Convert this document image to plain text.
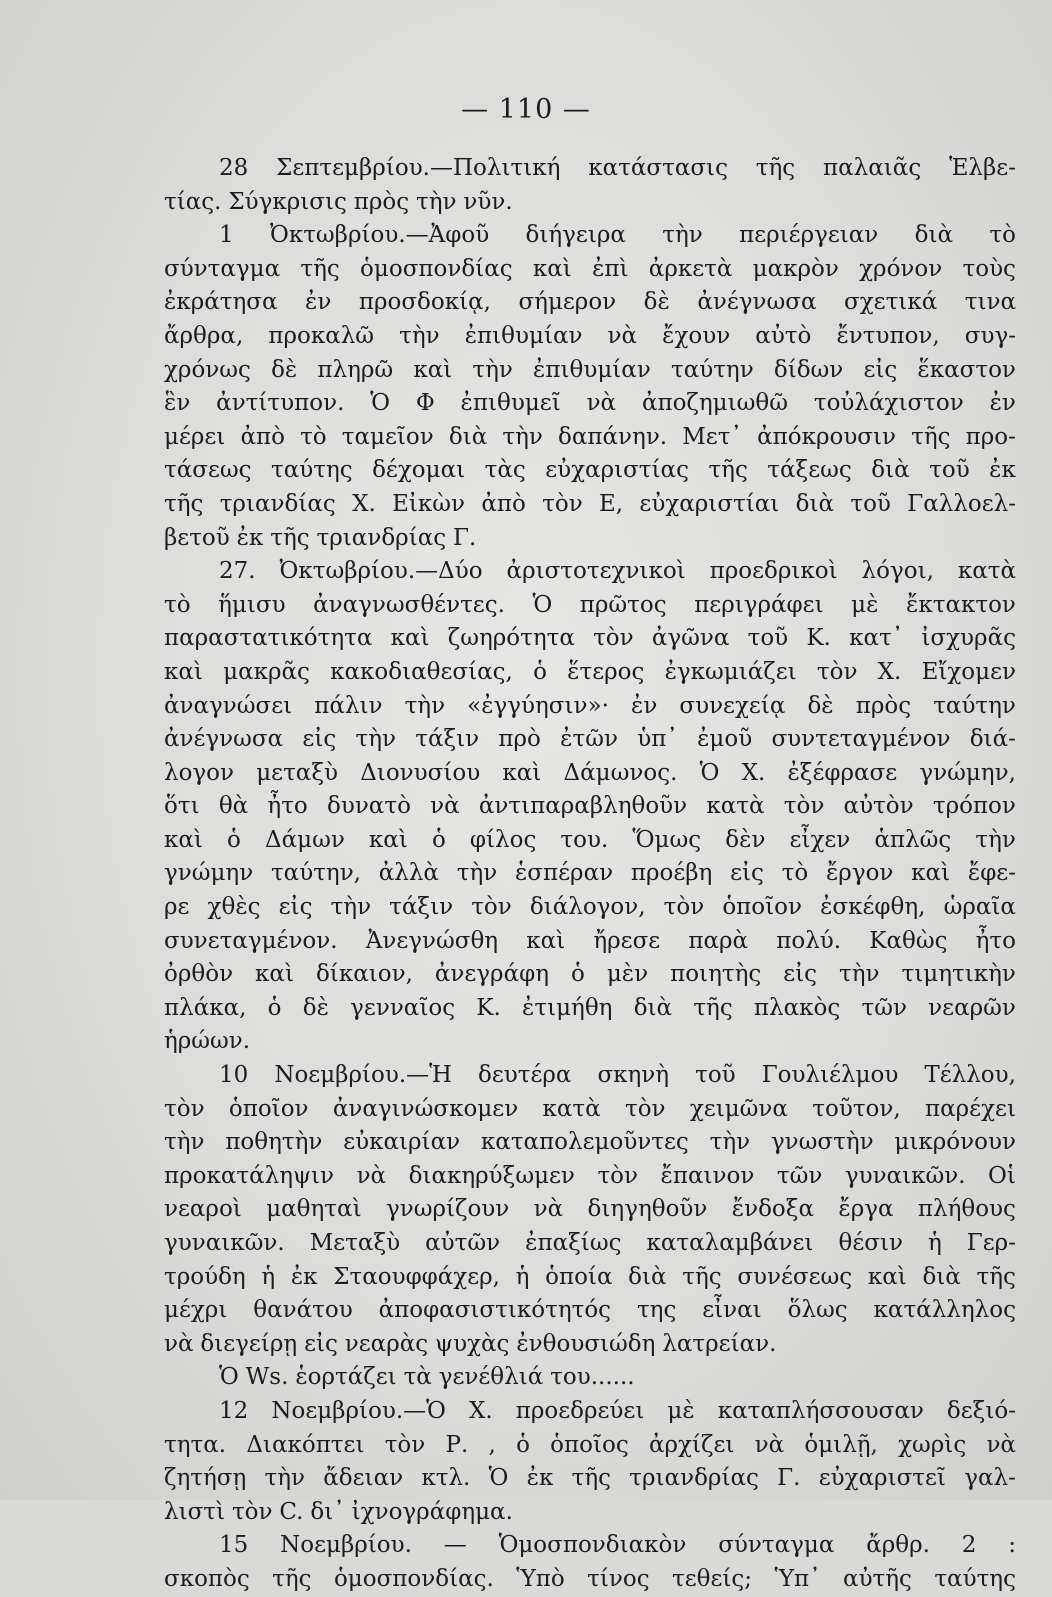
— 110 —
28 Σεπτεμβρίου.—Πολιτική κατάστασις τῆς παλαιᾶς Ἑλβε-
τίας. Σύγκρισις πρὸς τὴν νῦν.
1 Ὀκτωβρίου.—Ἀφοῦ διήγειρα τὴν περιέργειαν διὰ τὸ
σύνταγμα τῆς ὁμοσπονδίας καὶ ἐπὶ ἀρκετὰ μακρὸν χρόνον τοὺς
ἐκράτησα ἐν προσδοκίᾳ, σήμερον δὲ ἀνέγνωσα σχετικά τινα
ἄρθρα, προκαλῶ τὴν ἐπιθυμίαν νὰ ἔχουν αὐτὸ ἔντυπον, συγ-
χρόνως δὲ πληρῶ καὶ τὴν ἐπιθυμίαν ταύτην δίδων εἰς ἕκαστον
ἓν ἀντίτυπον. Ὁ Φ ἐπιθυμεῖ νὰ ἀποζημιωθῶ τοὐλάχιστον ἐν
μέρει ἀπὸ τὸ ταμεῖον διὰ τὴν δαπάνην. Μετ᾽ ἀπόκρουσιν τῆς προ-
τάσεως ταύτης δέχομαι τὰς εὐχαριστίας τῆς τάξεως διὰ τοῦ ἐκ
τῆς τριανδίας Χ. Εἰκὼν ἀπὸ τὸν Ε, εὐχαριστίαι διὰ τοῦ Γαλλοελ-
βετοῦ ἐκ τῆς τριανδρίας Γ.
27. Ὀκτωβρίου.—Δύο ἀριστοτεχνικοὶ προεδρικοὶ λόγοι, κατὰ
τὸ ἥμισυ ἀναγνωσθέντες. Ὁ πρῶτος περιγράφει μὲ ἔκτακτον
παραστατικότητα καὶ ζωηρότητα τὸν ἀγῶνα τοῦ Κ. κατ᾽ ἰσχυρᾶς
καὶ μακρᾶς κακοδιαθεσίας, ὁ ἕτερος ἐγκωμιάζει τὸν Χ. Εἴχομεν
ἀναγνώσει πάλιν τὴν «ἐγγύησιν»· ἐν συνεχείᾳ δὲ πρὸς ταύτην
ἀνέγνωσα εἰς τὴν τάξιν πρὸ ἐτῶν ὑπ᾽ ἐμοῦ συντεταγμένον διά-
λογον μεταξὺ Διονυσίου καὶ Δάμωνος. Ὁ Χ. ἐξέφρασε γνώμην,
ὅτι θὰ ἦτο δυνατὸ νὰ ἀντιπαραβληθοῦν κατὰ τὸν αὐτὸν τρόπον
καὶ ὁ Δάμων καὶ ὁ φίλος του. Ὅμως δὲν εἶχεν ἁπλῶς τὴν
γνώμην ταύτην, ἀλλὰ τὴν ἑσπέραν προέβη εἰς τὸ ἔργον καὶ ἔφε-
ρε χθὲς εἰς τὴν τάξιν τὸν διάλογον, τὸν ὁποῖον ἐσκέφθη, ὡραῖα
συνεταγμένον. Ἀνεγνώσθη καὶ ἤρεσε παρὰ πολύ. Καθὼς ἦτο
ὀρθὸν καὶ δίκαιον, ἀνεγράφη ὁ μὲν ποιητὴς εἰς τὴν τιμητικὴν
πλάκα, ὁ δὲ γενναῖος Κ. ἐτιμήθη διὰ τῆς πλακὸς τῶν νεαρῶν
ἡρώων.
10 Νοεμβρίου.—Ἡ δευτέρα σκηνὴ τοῦ Γουλιέλμου Τέλλου,
τὸν ὁποῖον ἀναγινώσκομεν κατὰ τὸν χειμῶνα τοῦτον, παρέχει
τὴν ποθητὴν εὐκαιρίαν καταπολεμοῦντες τὴν γνωστὴν μικρόνουν
προκατάληψιν νὰ διακηρύξωμεν τὸν ἔπαινον τῶν γυναικῶν. Οἱ
νεαροὶ μαθηταὶ γνωρίζουν νὰ διηγηθοῦν ἔνδοξα ἔργα πλήθους
γυναικῶν. Μεταξὺ αὐτῶν ἐπαξίως καταλαμβάνει θέσιν ἡ Γερ-
τρούδη ἡ ἐκ Σταουφφάχερ, ἡ ὁποία διὰ τῆς συνέσεως καὶ διὰ τῆς
μέχρι θανάτου ἀποφασιστικότητός της εἶναι ὅλως κατάλληλος
νὰ διεγείρῃ εἰς νεαρὰς ψυχὰς ἐνθουσιώδη λατρείαν.
Ὁ Ws. ἑορτάζει τὰ γενέθλιά του......
12 Νοεμβρίου.—Ὁ Χ. προεδρεύει μὲ καταπλήσσουσαν δεξιό-
τητα. Διακόπτει τὸν Ρ. , ὁ ὁποῖος ἀρχίζει νὰ ὁμιλῇ, χωρὶς νὰ
ζητήσῃ τὴν ἄδειαν κτλ. Ὁ ἐκ τῆς τριανδρίας Γ. εὐχαριστεῖ γαλ-
λιστὶ τὸν C. δι᾽ ἰχνογράφημα.
15 Νοεμβρίου. — Ὁμοσπονδιακὸν σύνταγμα ἄρθρ. 2 :
σκοπὸς τῆς ὁμοσπονδίας. Ὑπὸ τίνος τεθείς; Ὑπ᾽ αὐτῆς ταύτης
